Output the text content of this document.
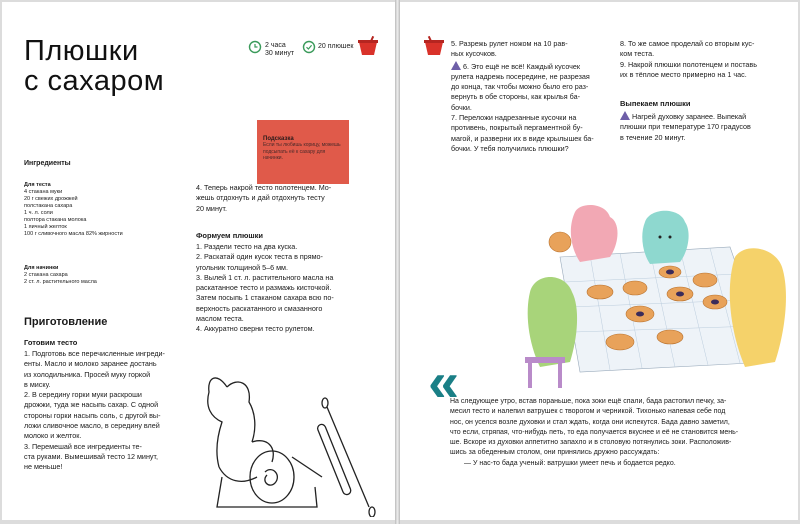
Плюшки
с сахаром
2 часа
30 минут
20 плюшек
Подсказка
Если ты любишь корицу, можешь подсыпать её к сахару для начинки.
Ингредиенты
Для теста
4 стакана муки
20 г свежих дрожжей
полстакана сахара
1 ч. л. соли
полтора стакана молока
1 яичный желток
100 г сливочного масла 82% жирности
Для начинки
2 стакана сахара
2 ст. л. растительного масла
Приготовление
Готовим тесто
1. Подготовь все перечисленные ингреди-
енты. Масло и молоко заранее достань
из холодильника. Просей муку горкой
в миску.
2. В середину горки муки раскроши
дрожжи, туда же насыпь сахар. С одной
стороны горки насыпь соль, с другой вы-
ложи сливочное масло, в середину влей
молоко и желток.
3. Перемешай все ингредиенты те-
ста руками. Вымешивай тесто 12 минут,
не меньше!
4. Теперь накрой тесто полотенцем. Мо-
жешь отдохнуть и дай отдохнуть тесту
20 минут.
Формуем плюшки
1. Раздели тесто на два куска.
2. Раскатай один кусок теста в прямо-
угольник толщиной 5–6 мм.
3. Вылей 1 ст. л. растительного масла на
раскатанное тесто и размажь кисточкой.
Затем посыпь 1 стаканом сахара всю по-
верхность раскатанного и смазанного
маслом теста.
4. Аккуратно сверни тесто рулетом.
5. Разрежь рулет ножом на 10 рав-
ных кусочков.
6. Это ещё не всё! Каждый кусочек
рулета надрежь посередине, не разрезая
до конца, так чтобы можно было его раз-
вернуть в обе стороны, как крылья ба-
бочки.
7. Переложи надрезанные кусочки на
противень, покрытый пергаментной бу-
магой, и разверни их в виде крылышек ба-
бочки. У тебя получились плюшки?
8. То же самое проделай со вторым кус-
ком теста.
9. Накрой плюшки полотенцем и поставь
их в тёплое место примерно на 1 час.
Выпекаем плюшки
Нагрей духовку заранее. Выпекай
плюшки при температуре 170 градусов
в течение 20 минут.
«
На следующее утро, встав пораньше, пока зоки ещё спали, бада растопил печку, за-
месил тесто и налепил ватрушек с творогом и черникой. Тихонько напевая себе под
нос, он уселся возле духовки и стал ждать, когда они испекутся. Бада давно заметил,
что если, стряпая, что-нибудь петь, то еда получается вкуснее и её не становится мень-
ше. Вскоре из духовки аппетитно запахло и в столовую потянулись зоки. Расположив-
шись за обеденным столом, они принялись дружно рассуждать:
— У нас-то бада ученый: ватрушки умеет печь и бодается редко.
